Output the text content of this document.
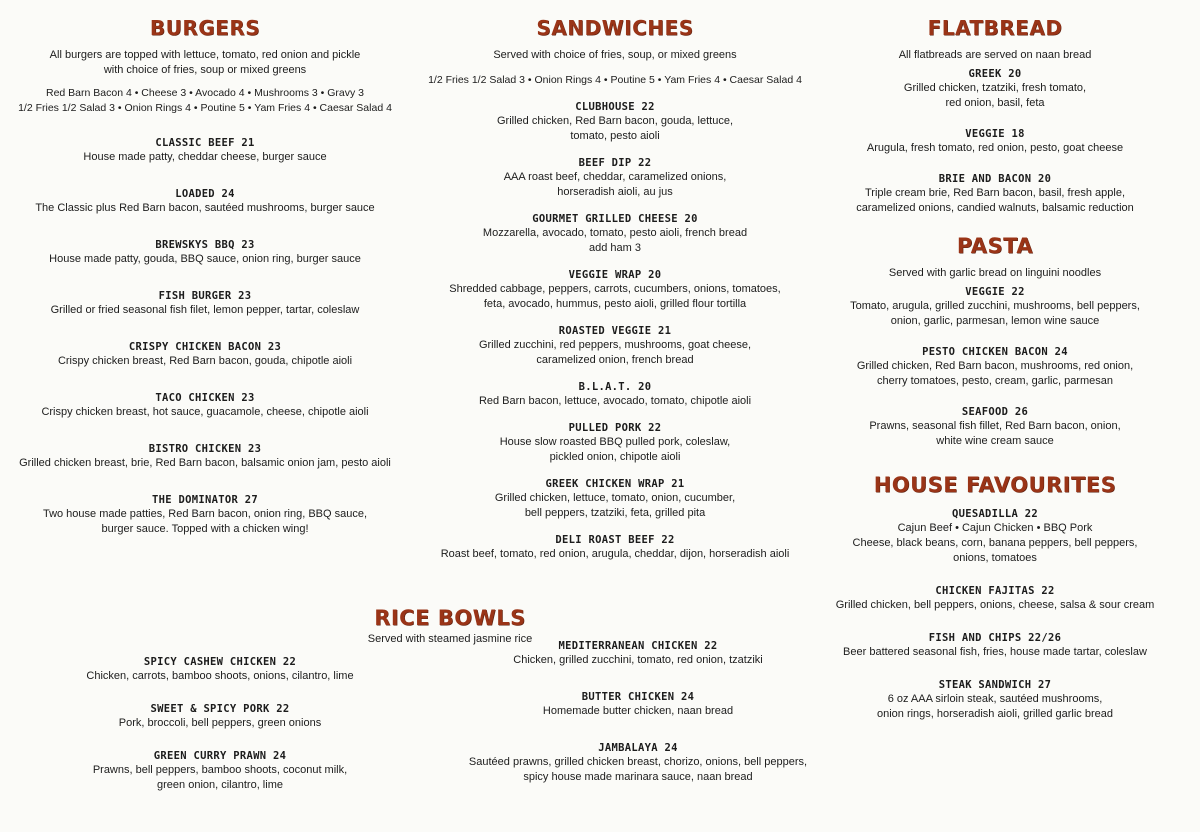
BURGERS
All burgers are topped with lettuce, tomato, red onion and pickle
with choice of fries, soup or mixed greens
Red Barn Bacon 4 • Cheese 3 • Avocado 4 • Mushrooms 3 • Gravy 3
1/2 Fries 1/2 Salad 3 • Onion Rings 4 • Poutine 5 • Yam Fries 4 • Caesar Salad 4
CLASSIC BEEF 21
House made patty, cheddar cheese, burger sauce
LOADED 24
The Classic plus Red Barn bacon, sautéed mushrooms, burger sauce
BREWSKYS BBQ 23
House made patty, gouda, BBQ sauce, onion ring, burger sauce
FISH BURGER 23
Grilled or fried seasonal fish filet, lemon pepper, tartar, coleslaw
CRISPY CHICKEN BACON 23
Crispy chicken breast, Red Barn bacon, gouda, chipotle aioli
TACO CHICKEN 23
Crispy chicken breast, hot sauce, guacamole, cheese, chipotle aioli
BISTRO CHICKEN 23
Grilled chicken breast, brie, Red Barn bacon, balsamic onion jam, pesto aioli
THE DOMINATOR 27
Two house made patties, Red Barn bacon, onion ring, BBQ sauce,
burger sauce. Topped with a chicken wing!
SANDWICHES
Served with choice of fries, soup, or mixed greens
1/2 Fries 1/2 Salad 3 • Onion Rings 4 • Poutine 5 • Yam Fries 4 • Caesar Salad 4
CLUBHOUSE 22
Grilled chicken, Red Barn bacon, gouda, lettuce,
tomato, pesto aioli
BEEF DIP 22
AAA roast beef, cheddar, caramelized onions,
horseradish aioli, au jus
GOURMET GRILLED CHEESE 20
Mozzarella, avocado, tomato, pesto aioli, french bread
add ham 3
VEGGIE WRAP 20
Shredded cabbage, peppers, carrots, cucumbers, onions, tomatoes,
feta, avocado, hummus, pesto aioli, grilled flour tortilla
ROASTED VEGGIE 21
Grilled zucchini, red peppers, mushrooms, goat cheese,
caramelized onion, french bread
B.L.A.T. 20
Red Barn bacon, lettuce, avocado, tomato, chipotle aioli
PULLED PORK 22
House slow roasted BBQ pulled pork, coleslaw,
pickled onion, chipotle aioli
GREEK CHICKEN WRAP 21
Grilled chicken, lettuce, tomato, onion, cucumber,
bell peppers, tzatziki, feta, grilled pita
DELI ROAST BEEF 22
Roast beef, tomato, red onion, arugula, cheddar, dijon, horseradish aioli
FLATBREAD
All flatbreads are served on naan bread
GREEK 20
Grilled chicken, tzatziki, fresh tomato,
red onion, basil, feta
VEGGIE 18
Arugula, fresh tomato, red onion, pesto, goat cheese
BRIE AND BACON 20
Triple cream brie, Red Barn bacon, basil, fresh apple,
caramelized onions, candied walnuts, balsamic reduction
PASTA
Served with garlic bread on linguini noodles
VEGGIE 22
Tomato, arugula, grilled zucchini, mushrooms, bell peppers,
onion, garlic, parmesan, lemon wine sauce
PESTO CHICKEN BACON 24
Grilled chicken, Red Barn bacon, mushrooms, red onion,
cherry tomatoes, pesto, cream, garlic, parmesan
SEAFOOD 26
Prawns, seasonal fish fillet, Red Barn bacon, onion,
white wine cream sauce
HOUSE FAVOURITES
QUESADILLA 22
Cajun Beef • Cajun Chicken • BBQ Pork
Cheese, black beans, corn, banana peppers, bell peppers,
onions, tomatoes
CHICKEN FAJITAS 22
Grilled chicken, bell peppers, onions, cheese, salsa & sour cream
FISH AND CHIPS 22/26
Beer battered seasonal fish, fries, house made tartar, coleslaw
STEAK SANDWICH 27
6 oz AAA sirloin steak, sautéed mushrooms,
onion rings, horseradish aioli, grilled garlic bread
RICE BOWLS
Served with steamed jasmine rice
SPICY CASHEW CHICKEN 22
Chicken, carrots, bamboo shoots, onions, cilantro, lime
SWEET & SPICY PORK 22
Pork, broccoli, bell peppers, green onions
GREEN CURRY PRAWN 24
Prawns, bell peppers, bamboo shoots, coconut milk,
green onion, cilantro, lime
MEDITERRANEAN CHICKEN 22
Chicken, grilled zucchini, tomato, red onion, tzatziki
BUTTER CHICKEN 24
Homemade butter chicken, naan bread
JAMBALAYA 24
Sautéed prawns, grilled chicken breast, chorizo, onions, bell peppers,
spicy house made marinara sauce, naan bread
